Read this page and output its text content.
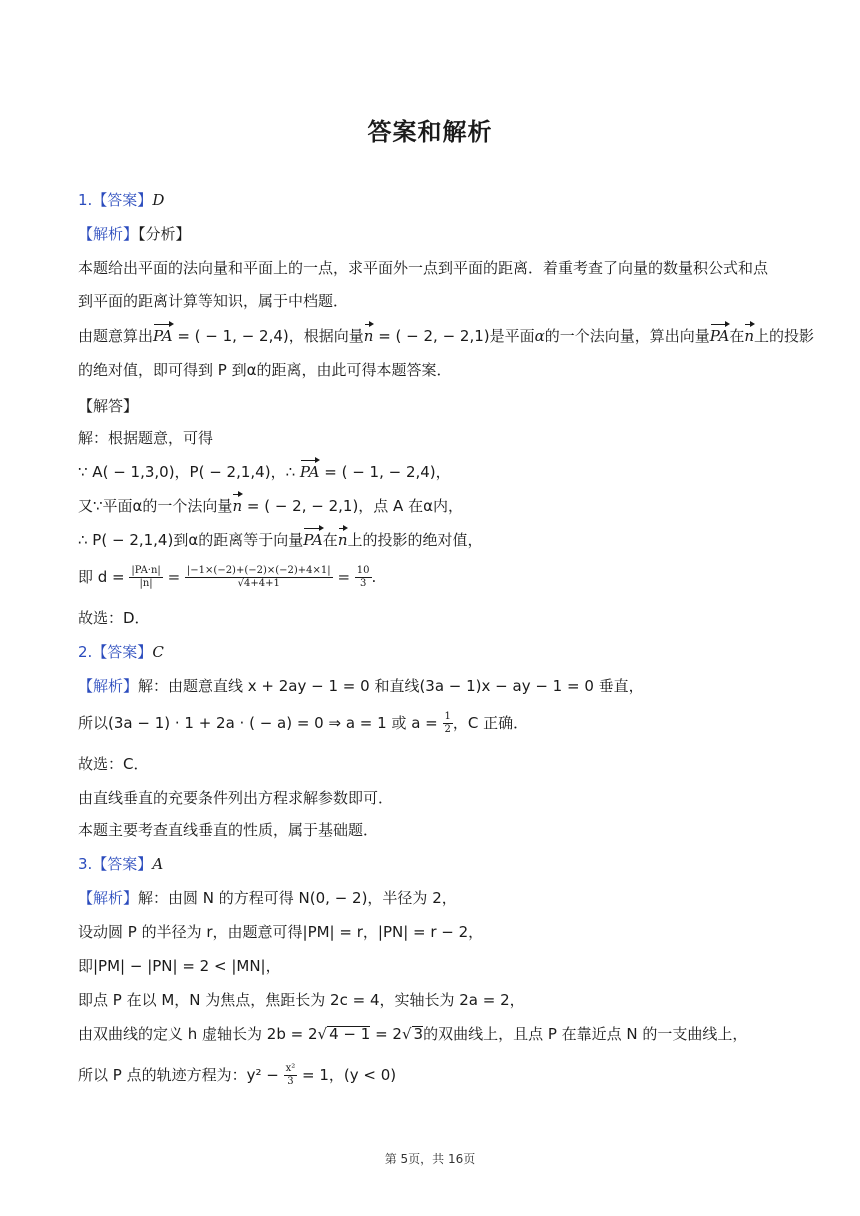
答案和解析
1.【答案】D
【解析】【分析】
本题给出平面的法向量和平面上的一点，求平面外一点到平面的距离．着重考查了向量的数量积公式和点
到平面的距离计算等知识，属于中档题．
由题意算出PA = ( − 1, − 2,4)，根据向量n = ( − 2, − 2,1)是平面α的一个法向量，算出向量PA在n上的投影
的绝对值，即可得到 P 到α的距离，由此可得本题答案．
【解答】
解：根据题意，可得
∵ A( − 1,3,0)，P( − 2,1,4)，∴ PA = ( − 1, − 2,4)，
又∵平面α的一个法向量n = ( − 2, − 2,1)，点 A 在α内，
∴ P( − 2,1,4)到α的距离等于向量PA在n上的投影的绝对值，
即 $d = \frac{|PA\cdot n|}{|n|} = \frac{|-1\times(-2)+(-2)\times(-2)+4\times 1|}{√4+4+1} = \frac{10}{3}$ .
故选：D．
2.【答案】C
【解析】解：由题意直线 x + 2ay − 1 = 0 和直线(3a − 1)x − ay − 1 = 0 垂直，
所以(3a − 1) · 1 + 2a · ( − a) = 0 ⇒ a = 1 或 $a = \frac{1}{2}$ ，C 正确．
故选：C．
由直线垂直的充要条件列出方程求解参数即可．
本题主要考查直线垂直的性质，属于基础题．
3.【答案】A
【解析】解：由圆 N 的方程可得 N(0, − 2)，半径为 2，
设动圆 P 的半径为 r，由题意可得|PM| = r，|PN| = r − 2，
即|PM| − |PN| = 2 < |MN|，
即点 P 在以 M，N 为焦点，焦距长为 2c = 4，实轴长为 2a = 2，
由双曲线的定义 h 虚轴长为 2b = 2√ 4 − 1 = 2√ 3的双曲线上，且点 P 在靠近点 N 的一支曲线上，
所以 P 点的轨迹方程为：$y^2 - \frac{\text{x²}}{3} = 1$，(y < 0)
第 5页，共 16页
